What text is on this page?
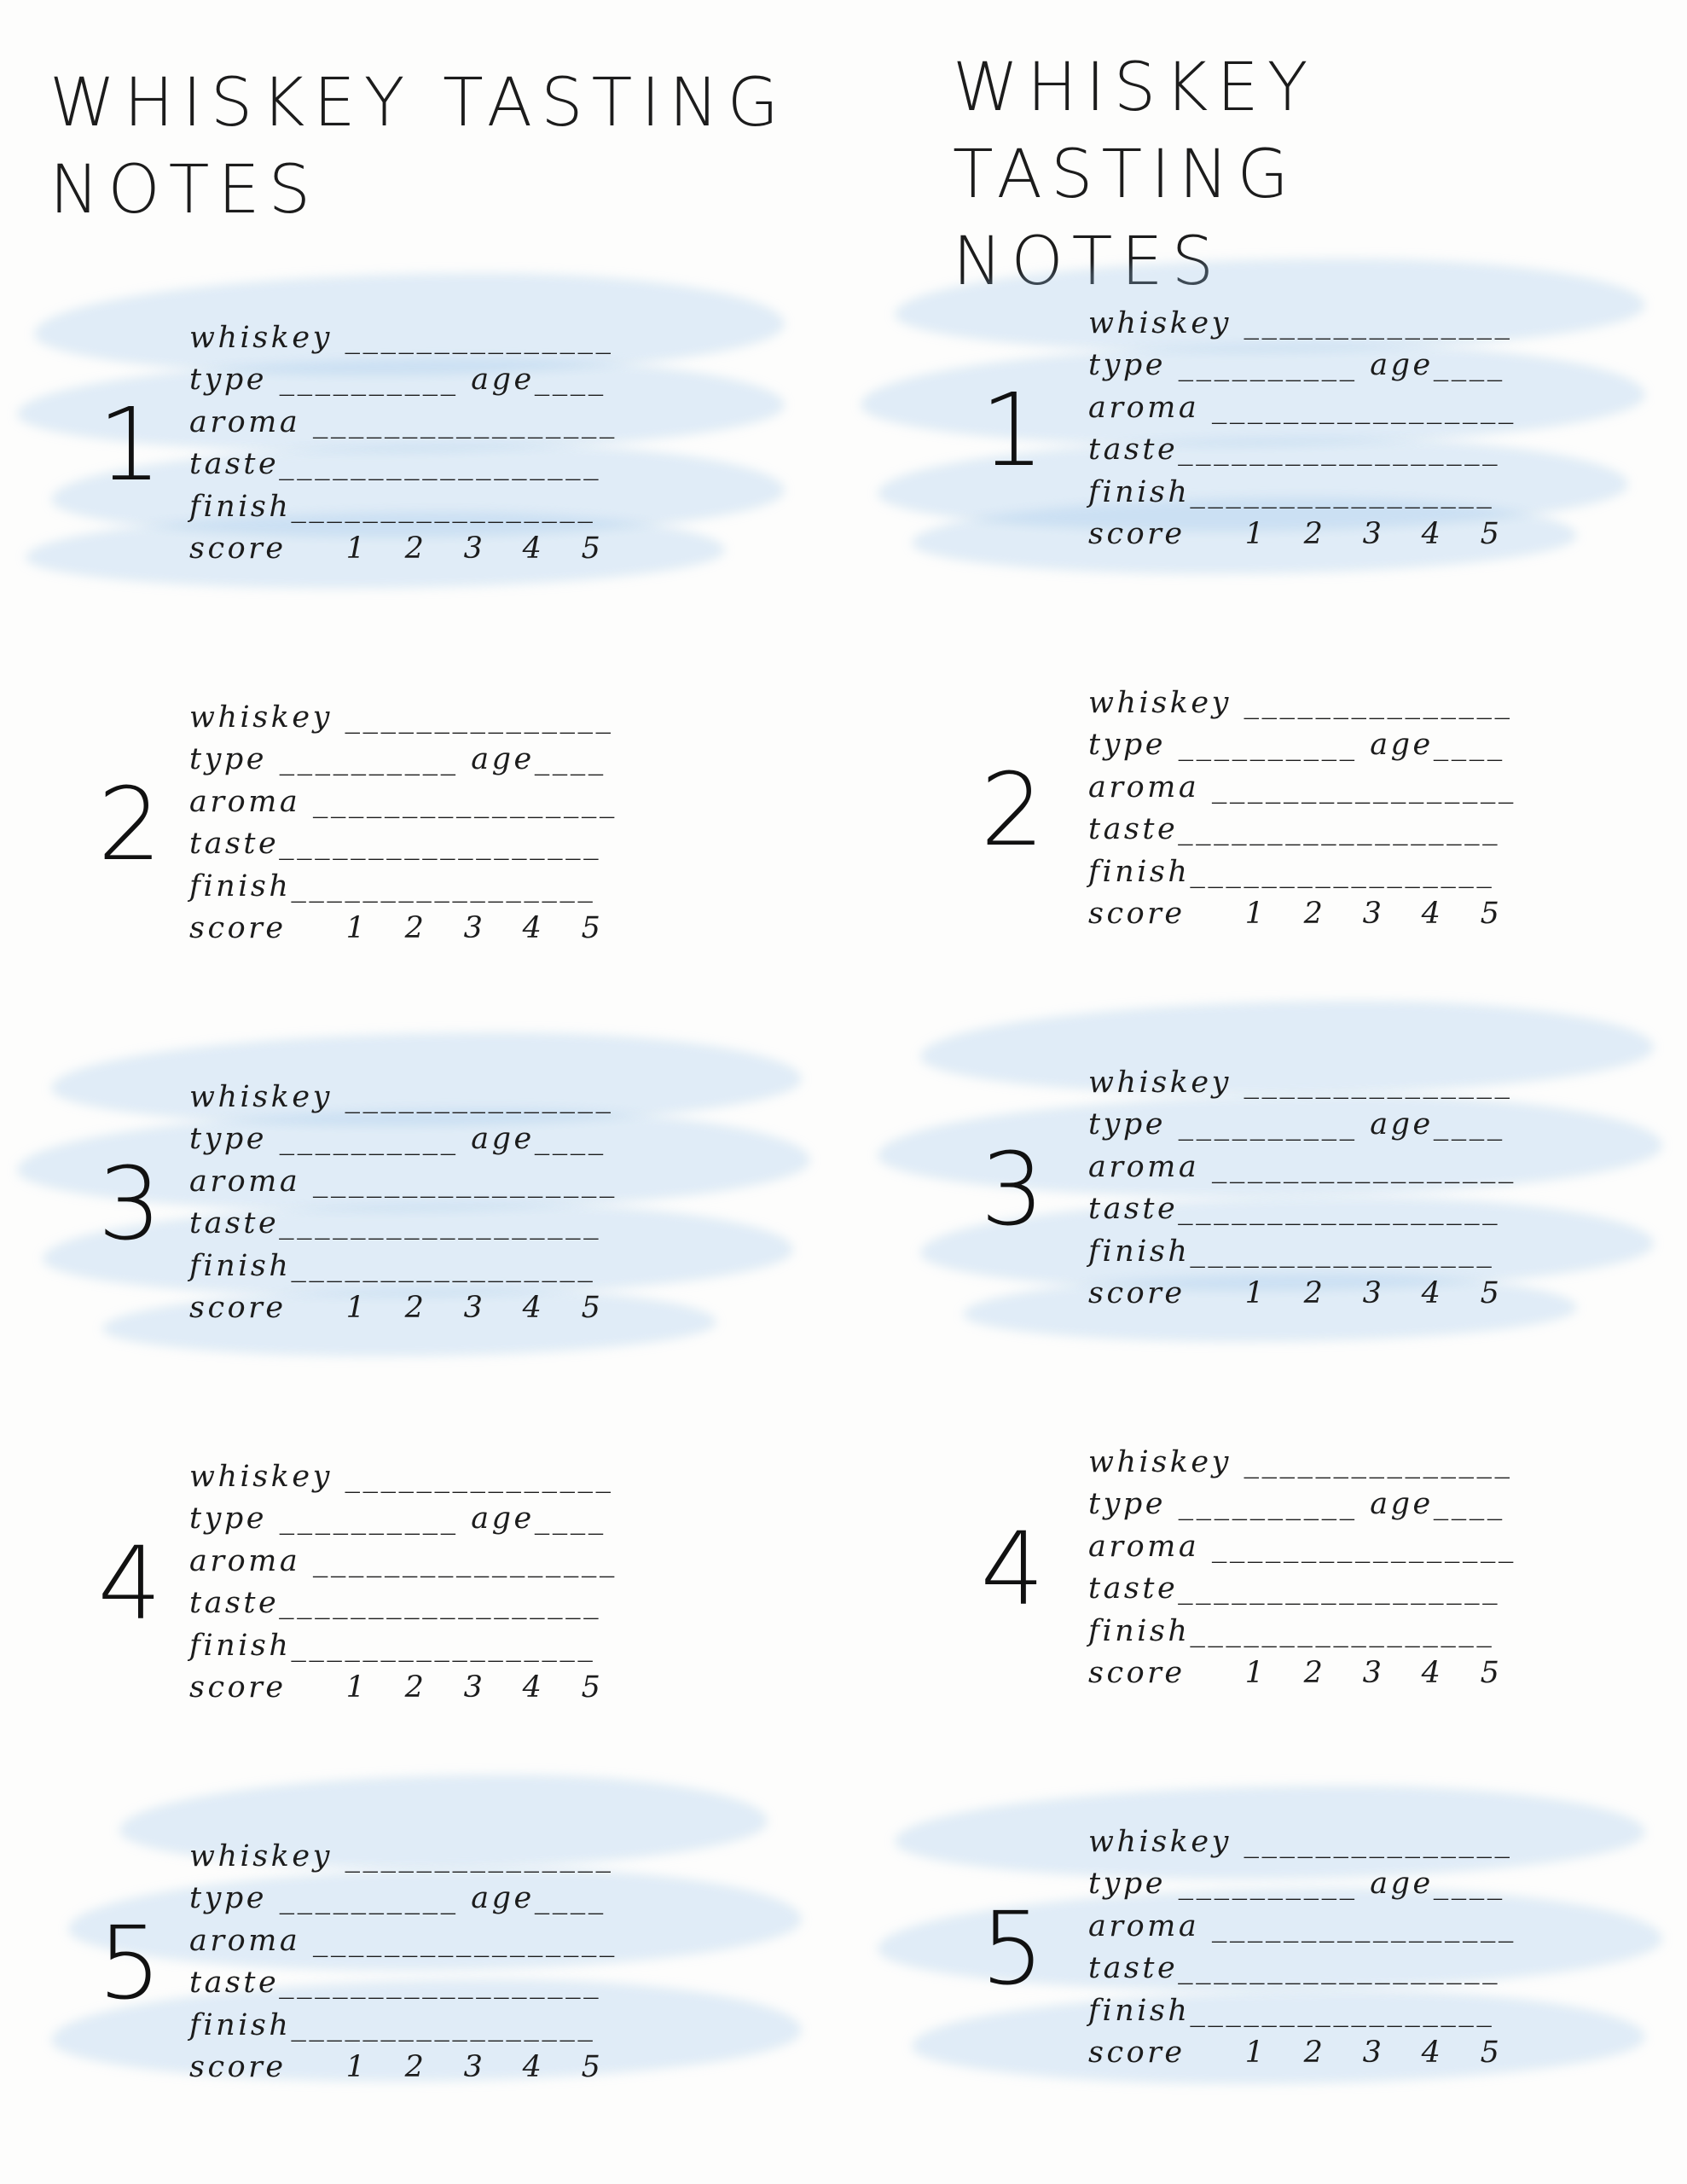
WHISKEY TASTING
NOTES
1
whiskey _______________
type __________ age____
aroma _________________
taste__________________
finish_________________
score 1 2 3 4 5
2
whiskey _______________
type __________ age____
aroma _________________
taste__________________
finish_________________
score 1 2 3 4 5
3
whiskey _______________
type __________ age____
aroma _________________
taste__________________
finish_________________
score 1 2 3 4 5
4
whiskey _______________
type __________ age____
aroma _________________
taste__________________
finish_________________
score 1 2 3 4 5
5
whiskey _______________
type __________ age____
aroma _________________
taste__________________
finish_________________
score 1 2 3 4 5
WHISKEY TASTING
NOTES
1
whiskey _______________
type __________ age____
aroma _________________
taste__________________
finish_________________
score 1 2 3 4 5
2
whiskey _______________
type __________ age____
aroma _________________
taste__________________
finish_________________
score 1 2 3 4 5
3
whiskey _______________
type __________ age____
aroma _________________
taste__________________
finish_________________
score 1 2 3 4 5
4
whiskey _______________
type __________ age____
aroma _________________
taste__________________
finish_________________
score 1 2 3 4 5
5
whiskey _______________
type __________ age____
aroma _________________
taste__________________
finish_________________
score 1 2 3 4 5
